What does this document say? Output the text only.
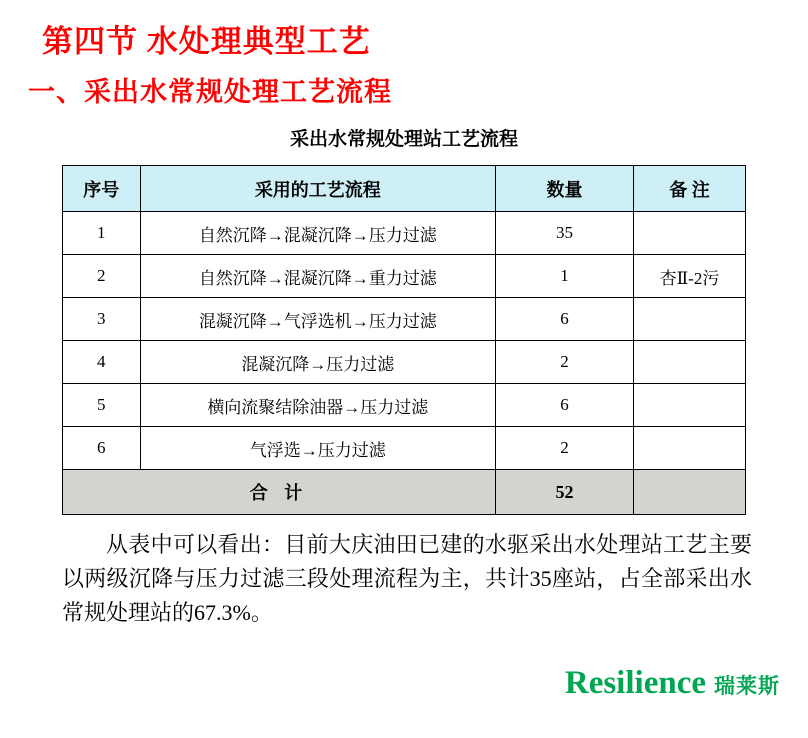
第四节 水处理典型工艺
一、采出水常规处理工艺流程
采出水常规处理站工艺流程
序号	采用的工艺流程	数量	备 注
1	自然沉降→混凝沉降→压力过滤	35	
2	自然沉降→混凝沉降→重力过滤	1	杏Ⅱ-2污
3	混凝沉降→气浮选机→压力过滤	6	
4	混凝沉降→压力过滤	2	
5	横向流聚结除油器→压力过滤	6	
6	气浮选→压力过滤	2	
合 计		52	
从表中可以看出：目前大庆油田已建的水驱采出水处理站工艺主要以两级沉降与压力过滤三段处理流程为主，共计35座站，占全部采出水常规处理站的67.3%。
Resilience 瑞莱斯
